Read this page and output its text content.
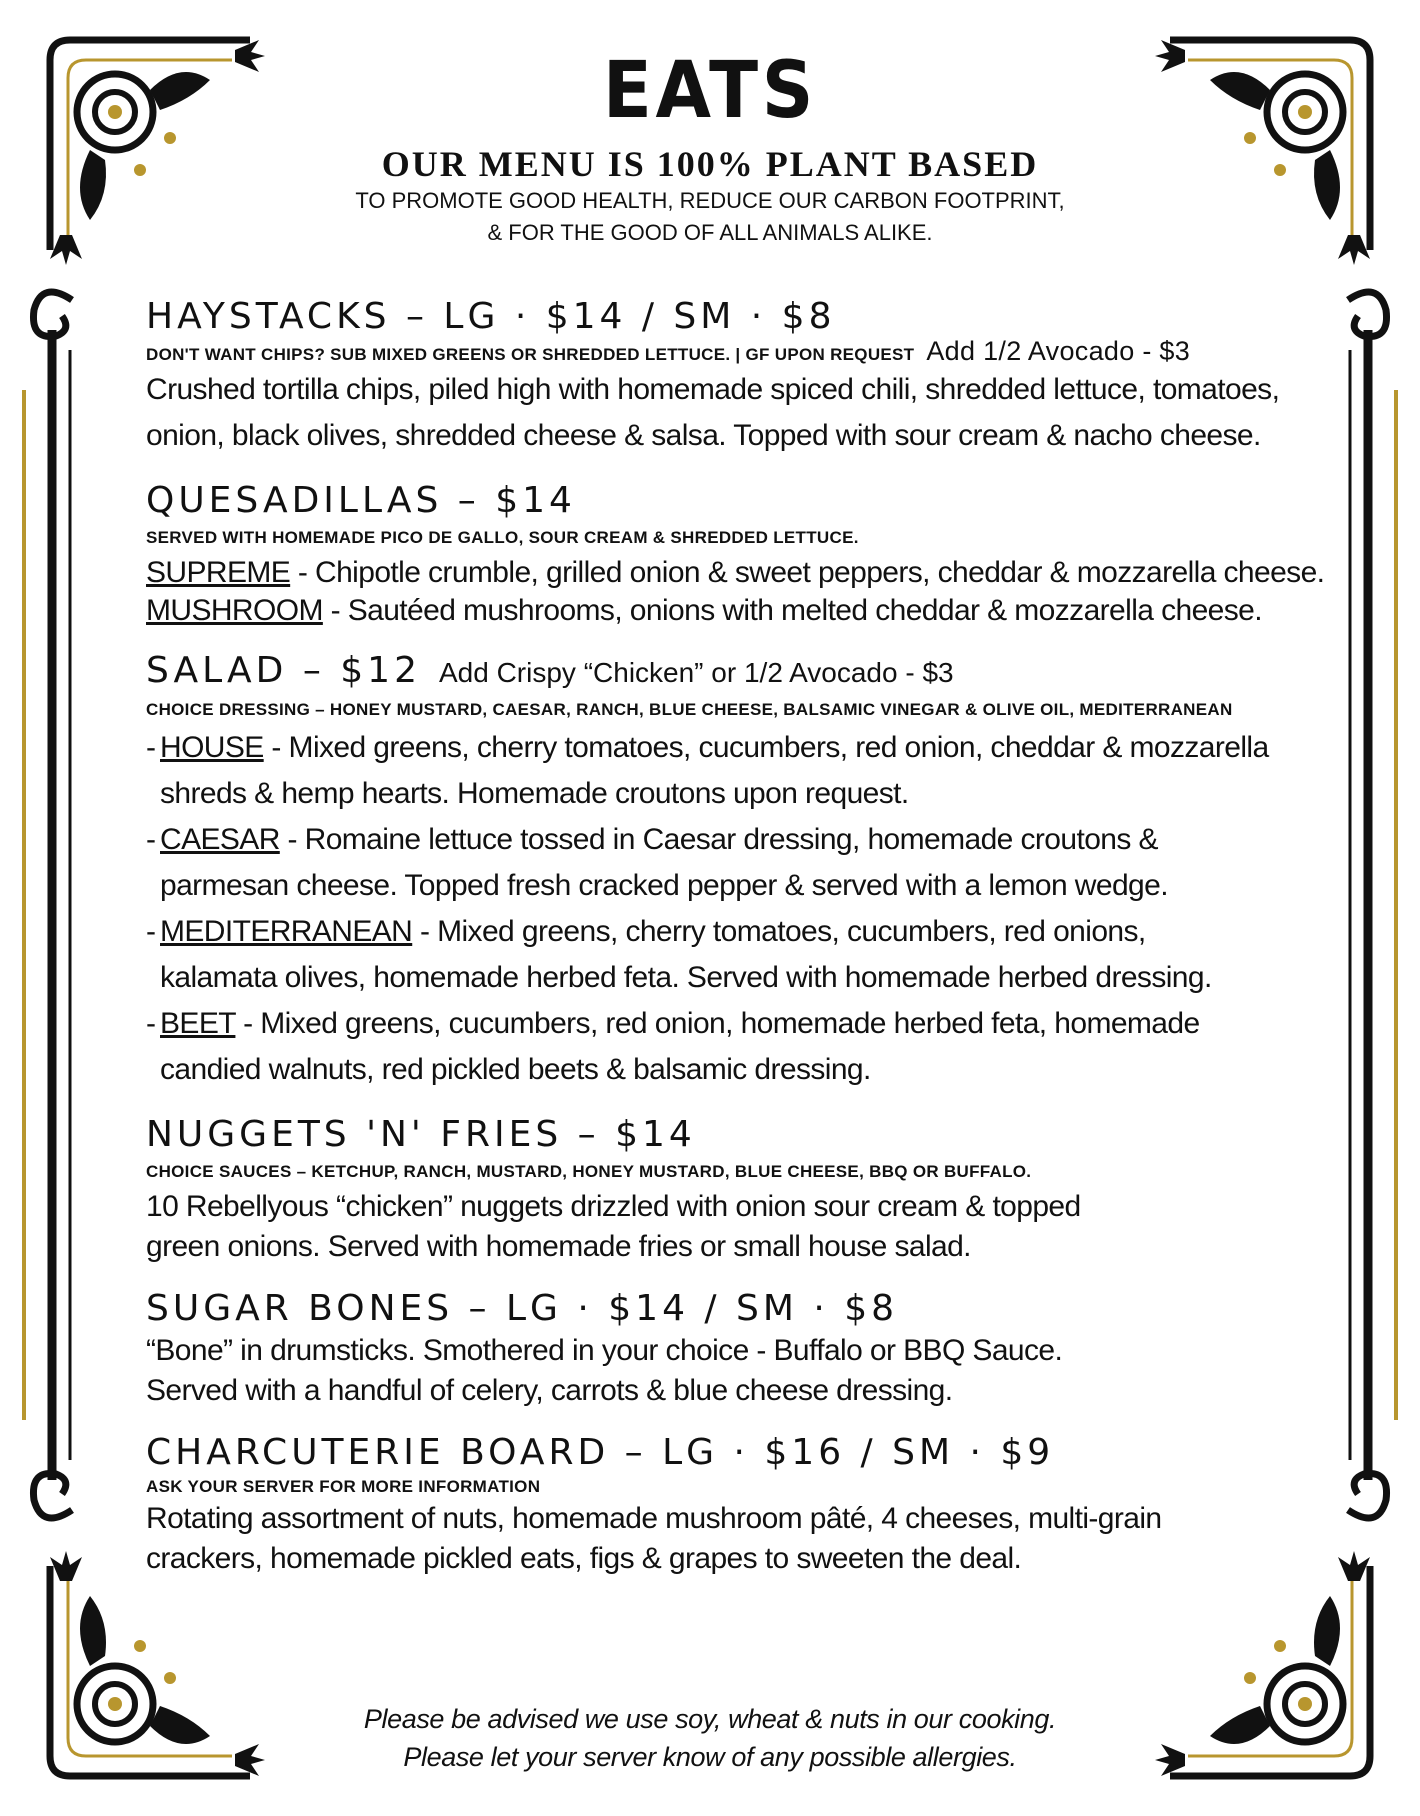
EATS
OUR MENU IS 100% PLANT BASED
TO PROMOTE GOOD HEALTH, REDUCE OUR CARBON FOOTPRINT,
& FOR THE GOOD OF ALL ANIMALS ALIKE.
HAYSTACKS – LG · $14 / SM · $8
DON'T WANT CHIPS? SUB MIXED GREENS OR SHREDDED LETTUCE. | GF UPON REQUEST Add 1/2 Avocado - $3
Crushed tortilla chips, piled high with homemade spiced chili, shredded lettuce, tomatoes,
onion, black olives, shredded cheese & salsa. Topped with sour cream & nacho cheese.
QUESADILLAS – $14
SERVED WITH HOMEMADE PICO DE GALLO, SOUR CREAM & SHREDDED LETTUCE.
SUPREME - Chipotle crumble, grilled onion & sweet peppers, cheddar & mozzarella cheese.
MUSHROOM - Sautéed mushrooms, onions with melted cheddar & mozzarella cheese.
SALAD – $12 Add Crispy “Chicken” or 1/2 Avocado - $3
CHOICE DRESSING – HONEY MUSTARD, CAESAR, RANCH, BLUE CHEESE, BALSAMIC VINEGAR & OLIVE OIL, MEDITERRANEAN
- HOUSE - Mixed greens, cherry tomatoes, cucumbers, red onion, cheddar & mozzarella
shreds & hemp hearts. Homemade croutons upon request.
- CAESAR - Romaine lettuce tossed in Caesar dressing, homemade croutons &
parmesan cheese. Topped fresh cracked pepper & served with a lemon wedge.
- MEDITERRANEAN - Mixed greens, cherry tomatoes, cucumbers, red onions,
kalamata olives, homemade herbed feta. Served with homemade herbed dressing.
- BEET - Mixed greens, cucumbers, red onion, homemade herbed feta, homemade
candied walnuts, red pickled beets & balsamic dressing.
NUGGETS 'N' FRIES – $14
CHOICE SAUCES – KETCHUP, RANCH, MUSTARD, HONEY MUSTARD, BLUE CHEESE, BBQ OR BUFFALO.
10 Rebellyous “chicken” nuggets drizzled with onion sour cream & topped
green onions. Served with homemade fries or small house salad.
SUGAR BONES – LG · $14 / SM · $8
“Bone” in drumsticks. Smothered in your choice - Buffalo or BBQ Sauce.
Served with a handful of celery, carrots & blue cheese dressing.
CHARCUTERIE BOARD – LG · $16 / SM · $9
ASK YOUR SERVER FOR MORE INFORMATION
Rotating assortment of nuts, homemade mushroom pâté, 4 cheeses, multi-grain
crackers, homemade pickled eats, figs & grapes to sweeten the deal.
Please be advised we use soy, wheat & nuts in our cooking.
Please let your server know of any possible allergies.
